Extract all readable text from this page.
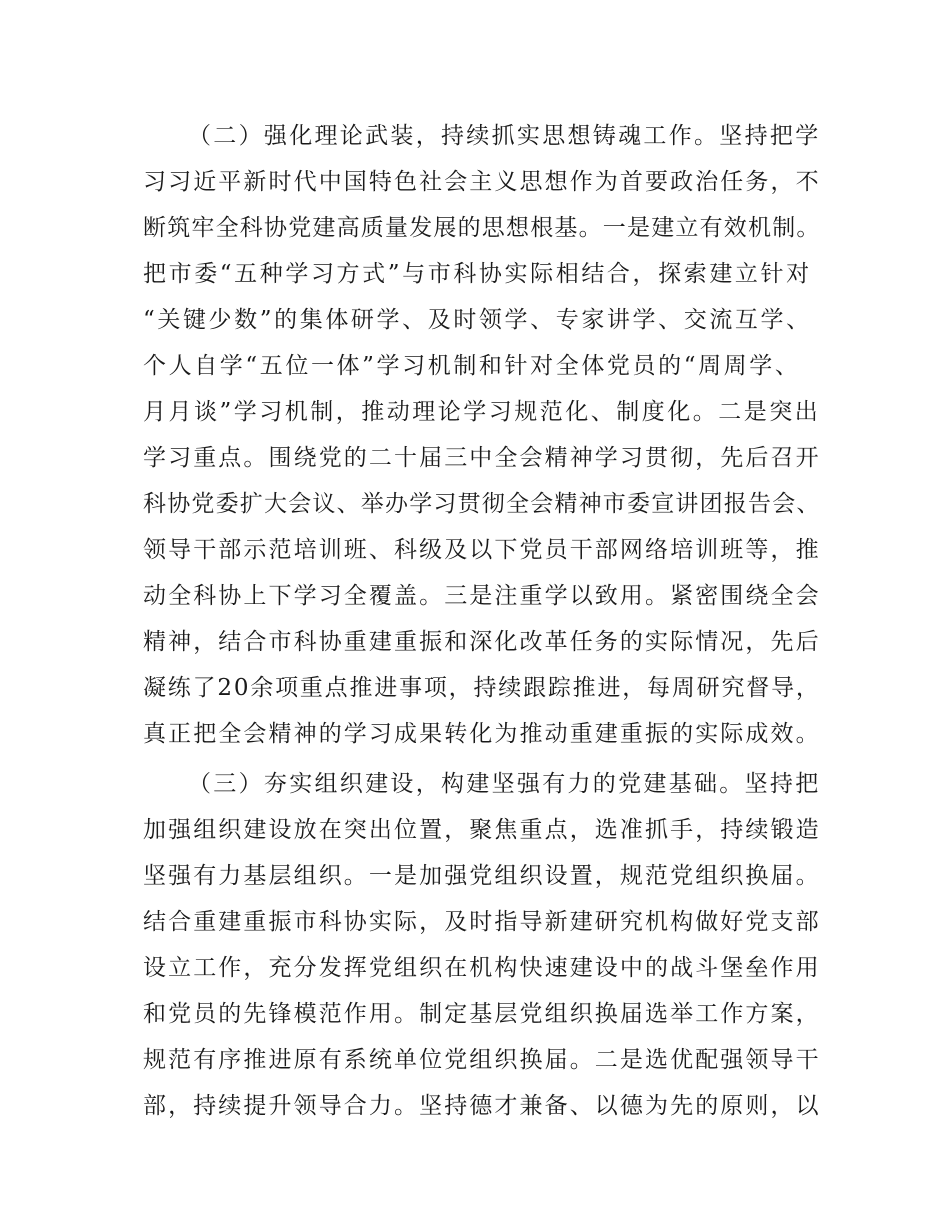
（二）强化理论武装，持续抓实思想铸魂工作。坚持把学
习习近平新时代中国特色社会主义思想作为首要政治任务，不
断筑牢全科协党建高质量发展的思想根基。一是建立有效机制。
把市委“五种学习方式”与市科协实际相结合，探索建立针对
“关键少数”的集体研学、及时领学、专家讲学、交流互学、
个人自学“五位一体”学习机制和针对全体党员的“周周学、
月月谈”学习机制，推动理论学习规范化、制度化。二是突出
学习重点。围绕党的二十届三中全会精神学习贯彻，先后召开
科协党委扩大会议、举办学习贯彻全会精神市委宣讲团报告会、
领导干部示范培训班、科级及以下党员干部网络培训班等，推
动全科协上下学习全覆盖。三是注重学以致用。紧密围绕全会
精神，结合市科协重建重振和深化改革任务的实际情况，先后
凝练了20余项重点推进事项，持续跟踪推进，每周研究督导，
真正把全会精神的学习成果转化为推动重建重振的实际成效。
（三）夯实组织建设，构建坚强有力的党建基础。坚持把
加强组织建设放在突出位置，聚焦重点，选准抓手，持续锻造
坚强有力基层组织。一是加强党组织设置，规范党组织换届。
结合重建重振市科协实际，及时指导新建研究机构做好党支部
设立工作，充分发挥党组织在机构快速建设中的战斗堡垒作用
和党员的先锋模范作用。制定基层党组织换届选举工作方案，
规范有序推进原有系统单位党组织换届。二是选优配强领导干
部，持续提升领导合力。坚持德才兼备、以德为先的原则，以
